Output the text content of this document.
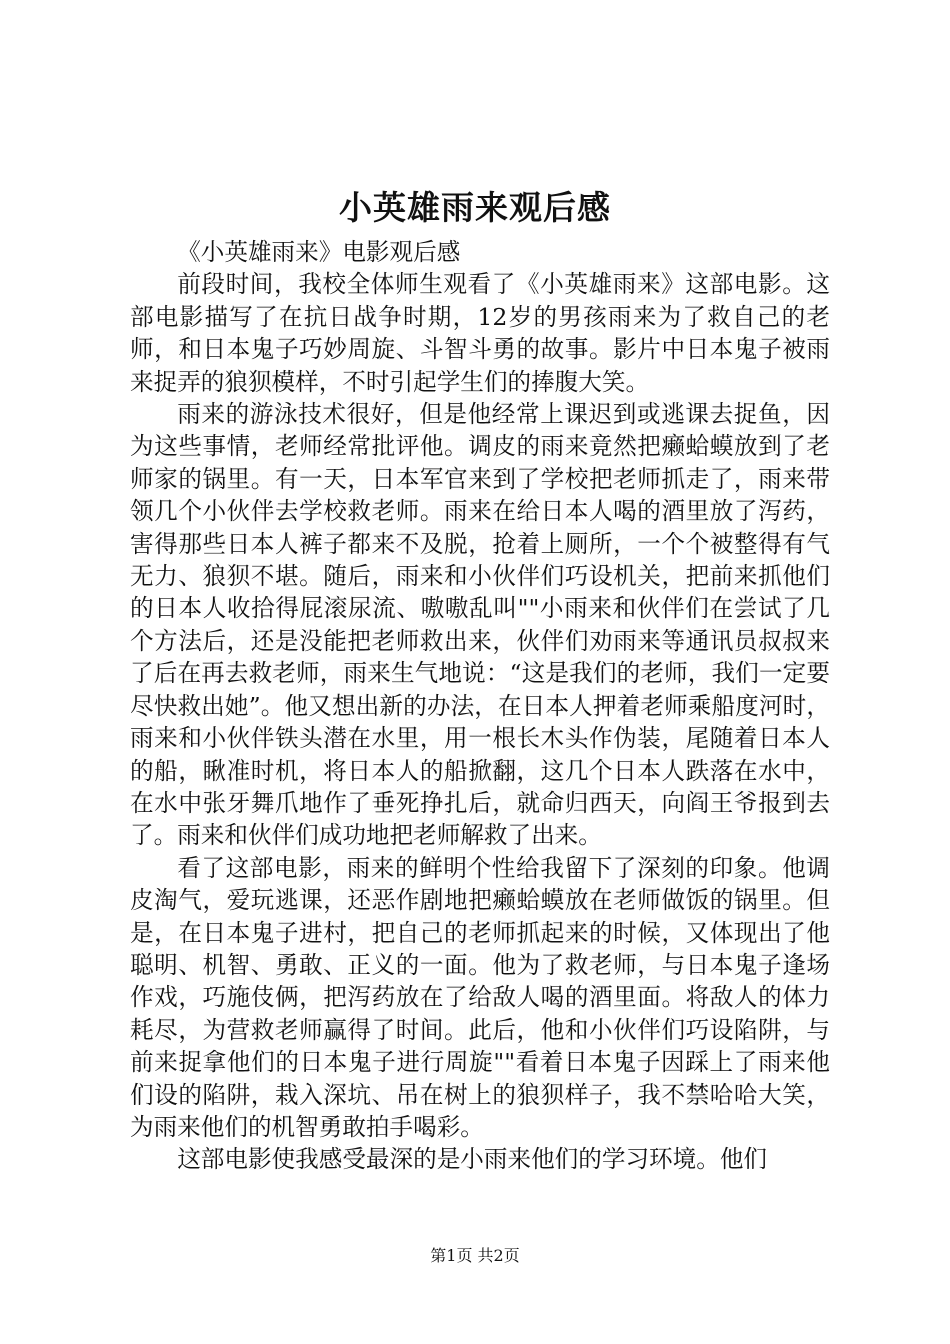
小英雄雨来观后感

《小英雄雨来》电影观后感

前段时间，我校全体师生观看了《小英雄雨来》这部电影。这部电影描写了在抗日战争时期，12岁的男孩雨来为了救自己的老师，和日本鬼子巧妙周旋、斗智斗勇的故事。影片中日本鬼子被雨来捉弄的狼狈模样，不时引起学生们的捧腹大笑。

雨来的游泳技术很好，但是他经常上课迟到或逃课去捉鱼，因为这些事情，老师经常批评他。调皮的雨来竟然把癞蛤蟆放到了老师家的锅里。有一天，日本军官来到了学校把老师抓走了，雨来带领几个小伙伴去学校救老师。雨来在给日本人喝的酒里放了泻药，害得那些日本人裤子都来不及脱，抢着上厕所，一个个被整得有气无力、狼狈不堪。随后，雨来和小伙伴们巧设机关，把前来抓他们的日本人收拾得屁滚尿流、嗷嗷乱叫""小雨来和伙伴们在尝试了几个方法后，还是没能把老师救出来，伙伴们劝雨来等通讯员叔叔来了后在再去救老师，雨来生气地说：“这是我们的老师，我们一定要尽快救出她”。他又想出新的办法，在日本人押着老师乘船度河时，雨来和小伙伴铁头潜在水里，用一根长木头作伪装，尾随着日本人的船，瞅准时机，将日本人的船掀翻，这几个日本人跌落在水中，在水中张牙舞爪地作了垂死挣扎后，就命归西天，向阎王爷报到去了。雨来和伙伴们成功地把老师解救了出来。

看了这部电影，雨来的鲜明个性给我留下了深刻的印象。他调皮淘气，爱玩逃课，还恶作剧地把癞蛤蟆放在老师做饭的锅里。但是，在日本鬼子进村，把自己的老师抓起来的时候，又体现出了他聪明、机智、勇敢、正义的一面。他为了救老师，与日本鬼子逢场作戏，巧施伎俩，把泻药放在了给敌人喝的酒里面。将敌人的体力耗尽，为营救老师赢得了时间。此后，他和小伙伴们巧设陷阱，与前来捉拿他们的日本鬼子进行周旋""看着日本鬼子因踩上了雨来他们设的陷阱，栽入深坑、吊在树上的狼狈样子，我不禁哈哈大笑，为雨来他们的机智勇敢拍手喝彩。

这部电影使我感受最深的是小雨来他们的学习环境。他们

第1页 共2页
